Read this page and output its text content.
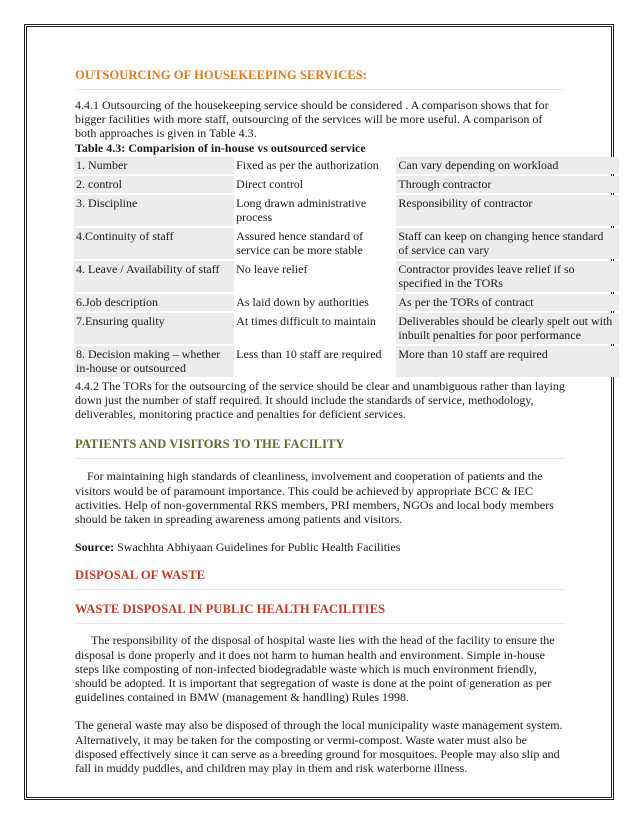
OUTSOURCING OF HOUSEKEEPING SERVICES:

4.4.1 Outsourcing of the housekeeping service should be considered . A comparison shows that for bigger facilities with more staff, outsourcing of the services will be more useful. A comparison of both approaches is given in Table 4.3.

Table 4.3: Comparision of in-house vs outsourced service

1. Number	Fixed as per the authorization	Can vary depending on workload
2. control	Direct control	Through contractor
3. Discipline	Long drawn administrative process	Responsibility of contractor
4.Continuity of staff	Assured hence standard of service can be more stable	Staff can keep on changing hence standard of service can vary
4. Leave / Availability of staff	No leave relief	Contractor provides leave relief if so specified in the TORs
6.Job description	As laid down by authorities	As per the TORs of contract
7.Ensuring quality	At times difficult to maintain	Deliverables should be clearly spelt out with inbuilt penalties for poor performance
8. Decision making – whether in-house or outsourced	Less than 10 staff are required	More than 10 staff are required

4.4.2 The TORs for the outsourcing of the service should be clear and unambiguous rather than laying down just the number of staff required. It should include the standards of service, methodology, deliverables, monitoring practice and penalties for deficient services.

PATIENTS AND VISITORS TO THE FACILITY

For maintaining high standards of cleanliness, involvement and cooperation of patients and the visitors would be of paramount importance. This could be achieved by appropriate BCC & IEC activities. Help of non-governmental RKS members, PRI members, NGOs and local body members should be taken in spreading awareness among patients and visitors.

Source: Swachhta Abhiyaan Guidelines for Public Health Facilities

DISPOSAL OF WASTE
WASTE DISPOSAL IN PUBLIC HEALTH FACILITIES

The responsibility of the disposal of hospital waste lies with the head of the facility to ensure the disposal is done properly and it does not harm to human health and environment. Simple in-house steps like composting of non-infected biodegradable waste which is much environment friendly, should be adopted. It is important that segregation of waste is done at the point of generation as per guidelines contained in BMW (management & handling) Rules 1998.

The general waste may also be disposed of through the local municipality waste management system. Alternatively, it may be taken for the composting or vermi-compost. Waste water must also be disposed effectively since it can serve as a breeding ground for mosquitoes. People may also slip and fall in muddy puddles, and children may play in them and risk waterborne illness.
